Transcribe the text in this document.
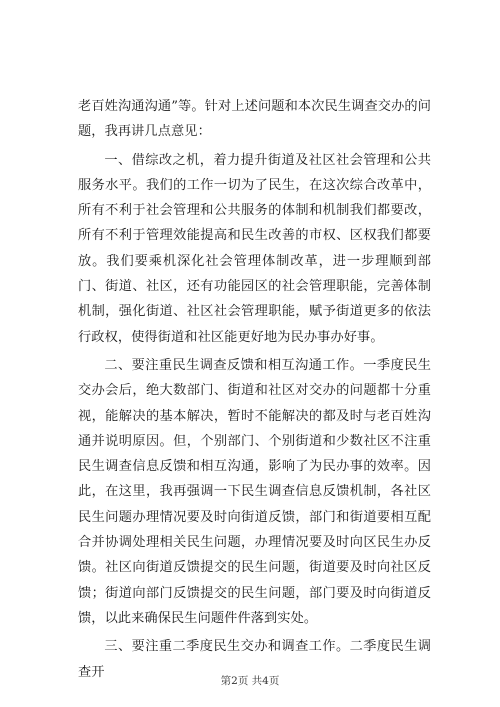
老百姓沟通沟通”等。针对上述问题和本次民生调查交办的问题，我再讲几点意见：

一、借综改之机，着力提升街道及社区社会管理和公共服务水平。我们的工作一切为了民生，在这次综合改革中，所有不利于社会管理和公共服务的体制和机制我们都要改，所有不利于管理效能提高和民生改善的市权、区权我们都要放。我们要乘机深化社会管理体制改革，进一步理顺到部门、街道、社区，还有功能园区的社会管理职能，完善体制机制，强化街道、社区社会管理职能，赋予街道更多的依法行政权，使得街道和社区能更好地为民办事办好事。

二、要注重民生调查反馈和相互沟通工作。一季度民生交办会后，绝大数部门、街道和社区对交办的问题都十分重视，能解决的基本解决，暂时不能解决的都及时与老百姓沟通并说明原因。但，个别部门、个别街道和少数社区不注重民生调查信息反馈和相互沟通，影响了为民办事的效率。因此，在这里，我再强调一下民生调查信息反馈机制，各社区民生问题办理情况要及时向街道反馈，部门和街道要相互配合并协调处理相关民生问题，办理情况要及时向区民生办反馈。社区向街道反馈提交的民生问题，街道要及时向社区反馈；街道向部门反馈提交的民生问题，部门要及时向街道反馈，以此来确保民生问题件件落到实处。

三、要注重二季度民生交办和调查工作。二季度民生调查开

第2页 共4页
